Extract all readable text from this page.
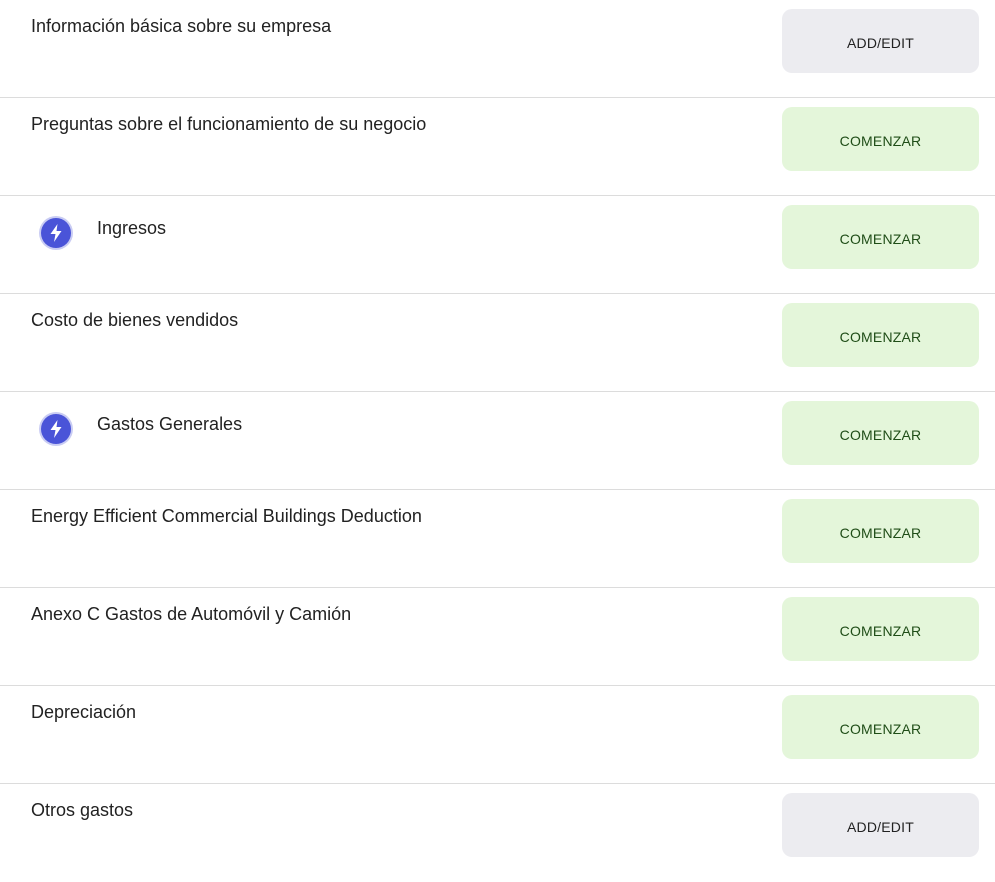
Información básica sobre su empresa
ADD/EDIT
Preguntas sobre el funcionamiento de su negocio
COMENZAR
Ingresos
COMENZAR
Costo de bienes vendidos
COMENZAR
Gastos Generales
COMENZAR
Energy Efficient Commercial Buildings Deduction
COMENZAR
Anexo C Gastos de Automóvil y Camión
COMENZAR
Depreciación
COMENZAR
Otros gastos
ADD/EDIT
